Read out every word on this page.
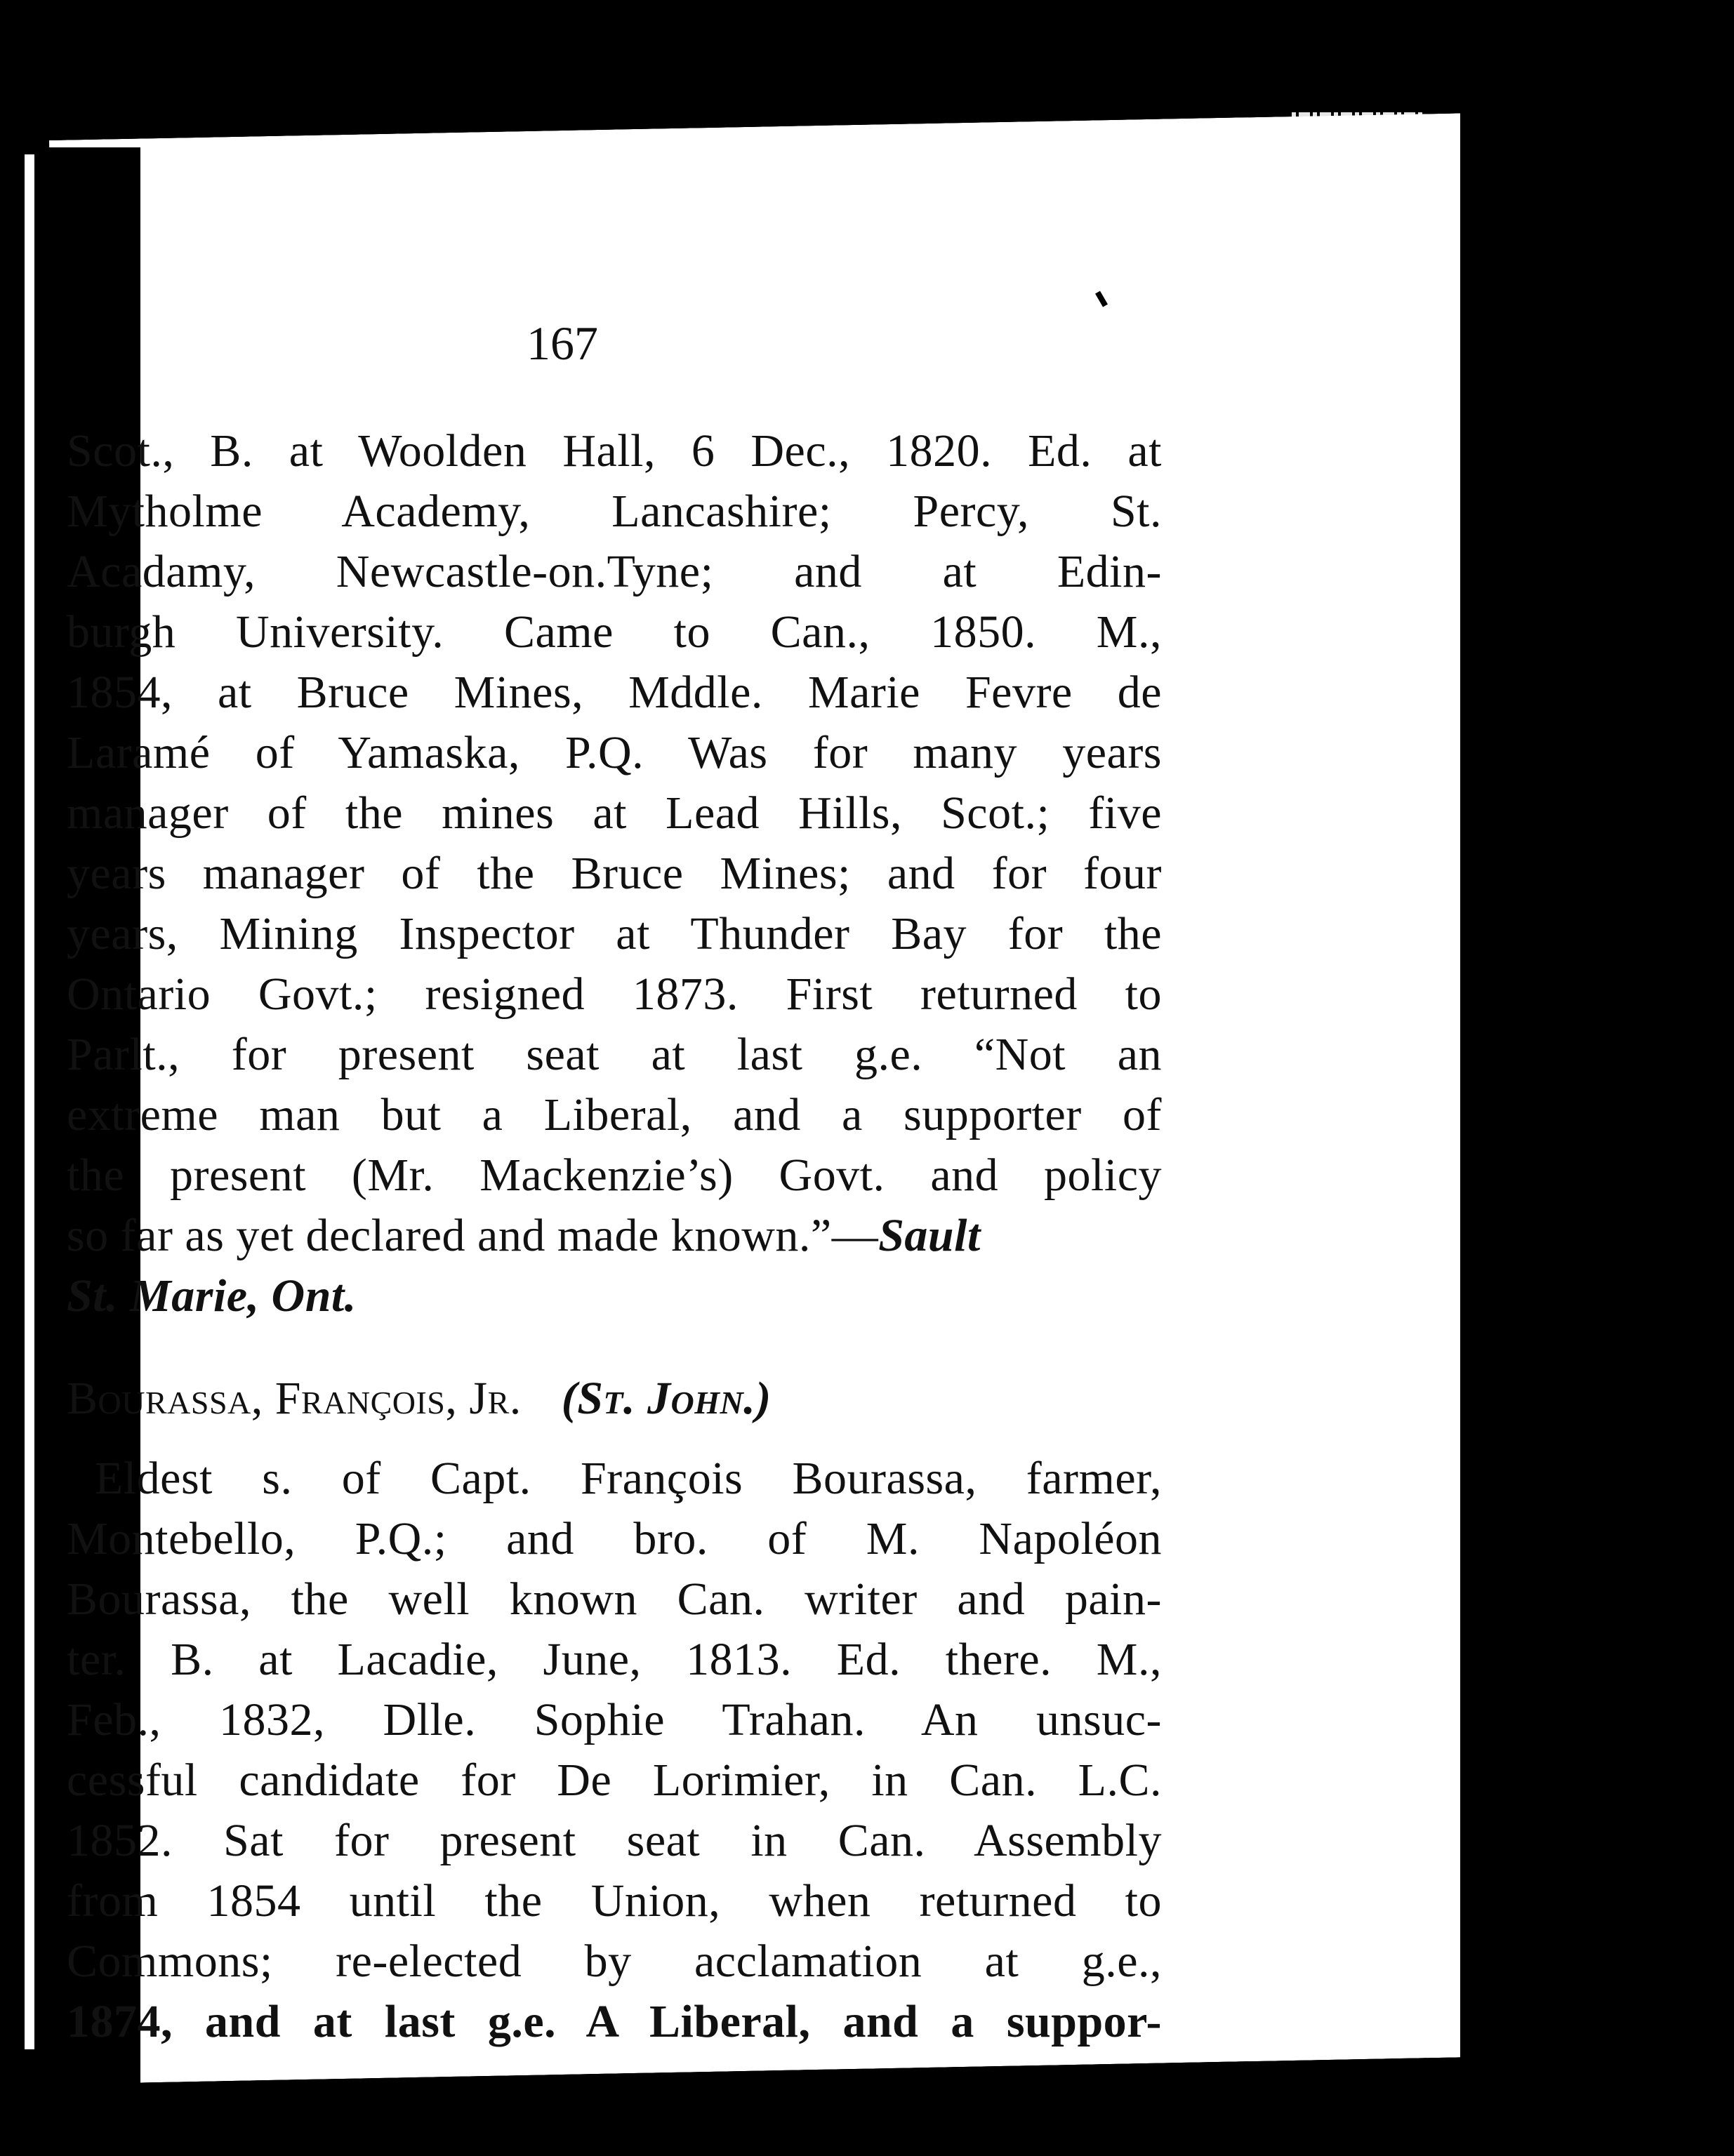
167
Scot., B. at Woolden Hall, 6 Dec., 1820. Ed. at
Mytholme Academy, Lancashire; Percy, St.
Acadamy, Newcastle-on.Tyne; and at Edin-
burgh University. Came to Can., 1850. M.,
1854, at Bruce Mines, Mddle. Marie Fevre de
Laramé of Yamaska, P.Q. Was for many years
manager of the mines at Lead Hills, Scot.; five
years manager of the Bruce Mines; and for four
years, Mining Inspector at Thunder Bay for the
Ontario Govt.; resigned 1873. First returned to
Parlt., for present seat at last g.e. “Not an
extreme man but a Liberal, and a supporter of
the present (Mr. Mackenzie’s) Govt. and policy
so far as yet declared and made known.”—Sault
St. Marie, Ont.
Bourassa, François, Jr. (St. John.)
Eldest s. of Capt. François Bourassa, farmer,
Montebello, P.Q.; and bro. of M. Napoléon
Bourassa, the well known Can. writer and pain-
ter. B. at Lacadie, June, 1813. Ed. there. M.,
Feb., 1832, Dlle. Sophie Trahan. An unsuc-
cessful candidate for De Lorimier, in Can. L.C.
1852. Sat for present seat in Can. Assembly
from 1854 until the Union, when returned to
Commons; re-elected by acclamation at g.e.,
1874, and at last g.e. A Liberal, and a suppor-
